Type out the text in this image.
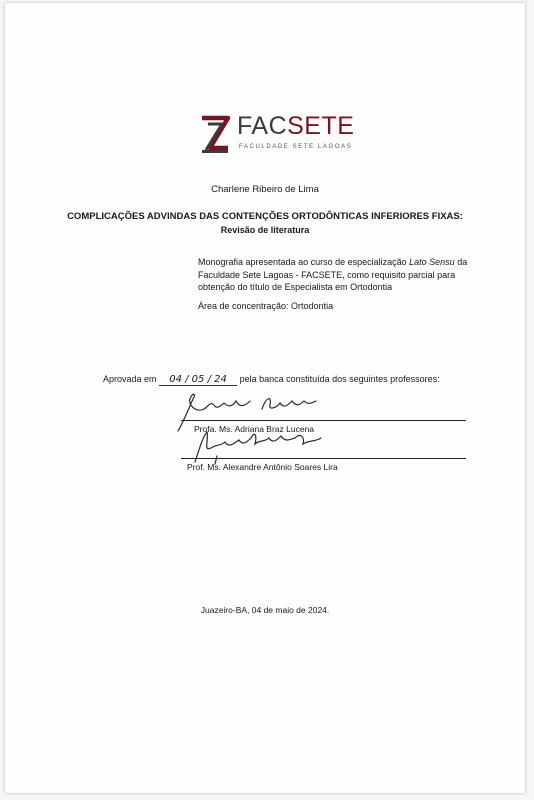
FACSETE
FACULDADE SETE LAGOAS
Charlene Ribeiro de Lima
COMPLICAÇÕES ADVINDAS DAS CONTENÇÕES ORTODÔNTICAS INFERIORES FIXAS:
Revisão de literatura
Monografia apresentada ao curso de especialização Lato Sensu da Faculdade Sete Lagoas - FACSETE, como requisito parcial para obtenção do título de Especialista em Ortodontia
Área de concentração: Ortodontia
Aprovada em 04 / 05 / 24 pela banca constituída dos seguintes professores:
Profa. Ms. Adriana Braz Lucena
Prof. Ms. Alexandre Antônio Soares Lira
Juazeiro-BA, 04 de maio de 2024.
